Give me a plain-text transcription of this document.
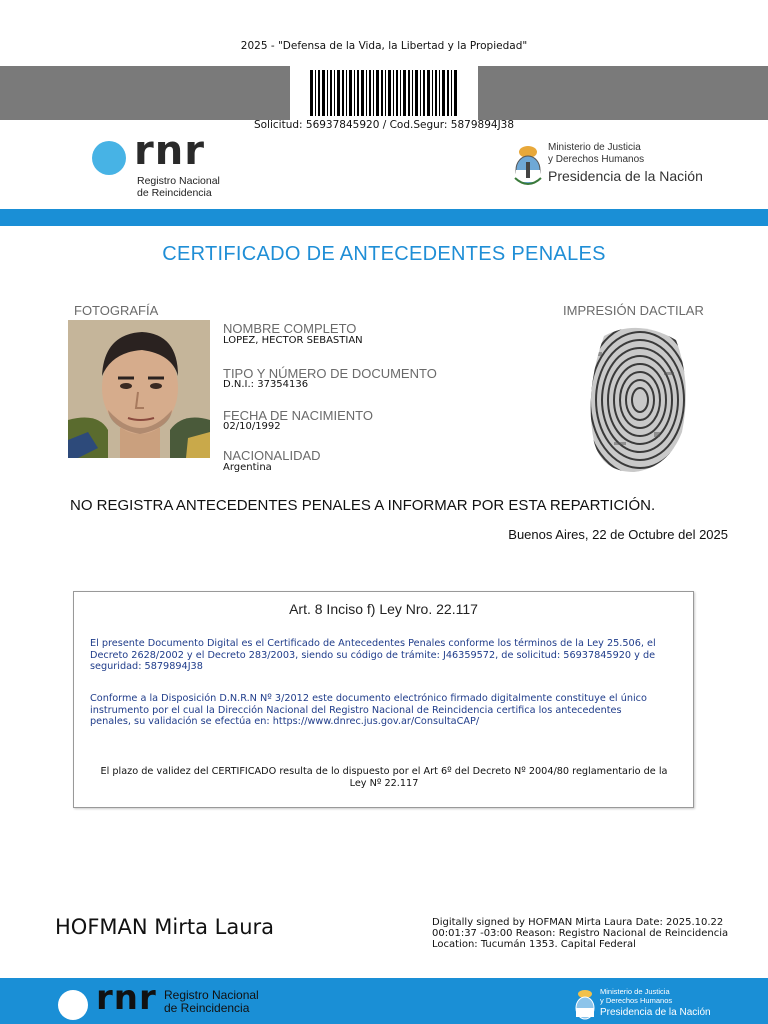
2025 - "Defensa de la Vida, la Libertad y la Propiedad"
Solicitud: 56937845920 / Cod.Segur: 5879894J38
rnr
Registro Nacional
de Reincidencia
Ministerio de Justicia
y Derechos Humanos
Presidencia de la Nación
CERTIFICADO DE ANTECEDENTES PENALES
FOTOGRAFÍA
NOMBRE COMPLETO
LOPEZ, HECTOR SEBASTIAN
TIPO Y NÚMERO DE DOCUMENTO
D.N.I.: 37354136
FECHA DE NACIMIENTO
02/10/1992
NACIONALIDAD
Argentina
IMPRESIÓN DACTILAR
NO REGISTRA ANTECEDENTES PENALES A INFORMAR POR ESTA REPARTICIÓN.
Buenos Aires, 22 de Octubre del 2025
Art. 8 Inciso f) Ley Nro. 22.117
El presente Documento Digital es el Certificado de Antecedentes Penales conforme los términos de la Ley 25.506, el Decreto 2628/2002 y el Decreto 283/2003, siendo su código de trámite: J46359572, de solicitud: 56937845920 y de seguridad: 5879894J38
Conforme a la Disposición D.N.R.N Nº 3/2012 este documento electrónico firmado digitalmente constituye el único instrumento por el cual la Dirección Nacional del Registro Nacional de Reincidencia certifica los antecedentes penales, su validación se efectúa en: https://www.dnrec.jus.gov.ar/ConsultaCAP/
El plazo de validez del CERTIFICADO resulta de lo dispuesto por el Art 6º del Decreto Nº 2004/80 reglamentario de la Ley Nº 22.117
HOFMAN Mirta Laura	Digitally signed by HOFMAN Mirta Laura Date: 2025.10.22 00:01:37 -03:00 Reason: Registro Nacional de Reincidencia Location: Tucumán 1353. Capital Federal
rnr Registro Nacional
de Reincidencia
Ministerio de Justicia
y Derechos Humanos
Presidencia de la Nación
